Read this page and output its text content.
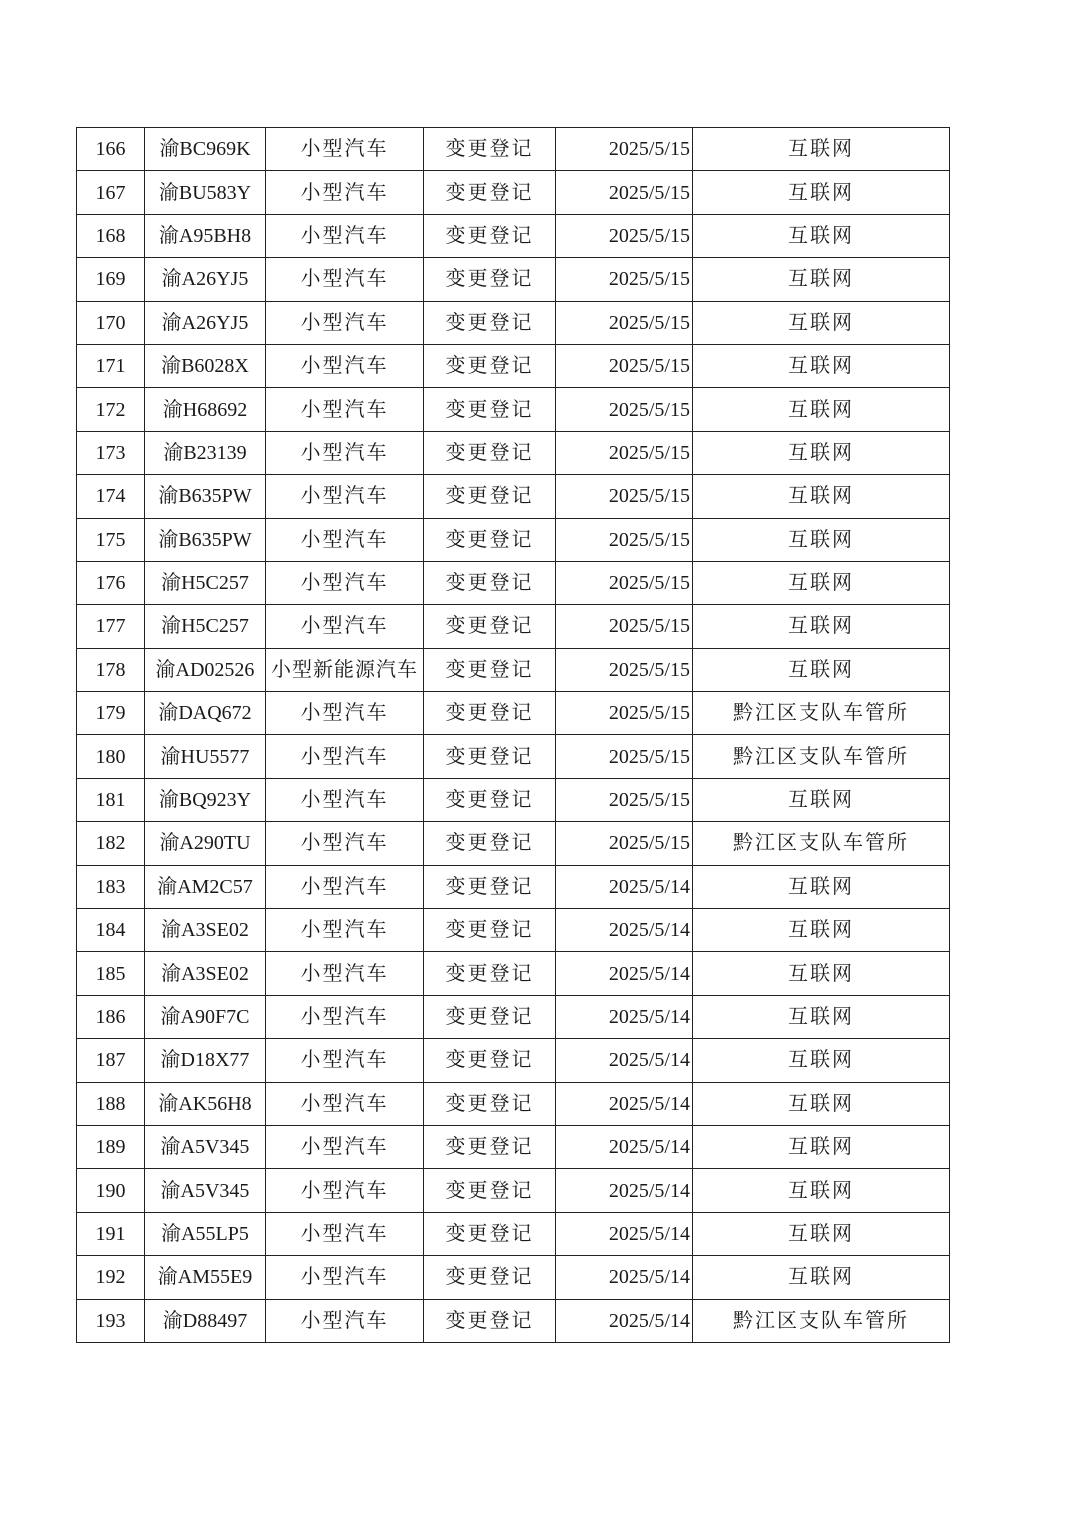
166	渝BC969K	小型汽车	变更登记	2025/5/15	互联网
167	渝BU583Y	小型汽车	变更登记	2025/5/15	互联网
168	渝A95BH8	小型汽车	变更登记	2025/5/15	互联网
169	渝A26YJ5	小型汽车	变更登记	2025/5/15	互联网
170	渝A26YJ5	小型汽车	变更登记	2025/5/15	互联网
171	渝B6028X	小型汽车	变更登记	2025/5/15	互联网
172	渝H68692	小型汽车	变更登记	2025/5/15	互联网
173	渝B23139	小型汽车	变更登记	2025/5/15	互联网
174	渝B635PW	小型汽车	变更登记	2025/5/15	互联网
175	渝B635PW	小型汽车	变更登记	2025/5/15	互联网
176	渝H5C257	小型汽车	变更登记	2025/5/15	互联网
177	渝H5C257	小型汽车	变更登记	2025/5/15	互联网
178	渝AD02526	小型新能源汽车	变更登记	2025/5/15	互联网
179	渝DAQ672	小型汽车	变更登记	2025/5/15	黔江区支队车管所
180	渝HU5577	小型汽车	变更登记	2025/5/15	黔江区支队车管所
181	渝BQ923Y	小型汽车	变更登记	2025/5/15	互联网
182	渝A290TU	小型汽车	变更登记	2025/5/15	黔江区支队车管所
183	渝AM2C57	小型汽车	变更登记	2025/5/14	互联网
184	渝A3SE02	小型汽车	变更登记	2025/5/14	互联网
185	渝A3SE02	小型汽车	变更登记	2025/5/14	互联网
186	渝A90F7C	小型汽车	变更登记	2025/5/14	互联网
187	渝D18X77	小型汽车	变更登记	2025/5/14	互联网
188	渝AK56H8	小型汽车	变更登记	2025/5/14	互联网
189	渝A5V345	小型汽车	变更登记	2025/5/14	互联网
190	渝A5V345	小型汽车	变更登记	2025/5/14	互联网
191	渝A55LP5	小型汽车	变更登记	2025/5/14	互联网
192	渝AM55E9	小型汽车	变更登记	2025/5/14	互联网
193	渝D88497	小型汽车	变更登记	2025/5/14	黔江区支队车管所
